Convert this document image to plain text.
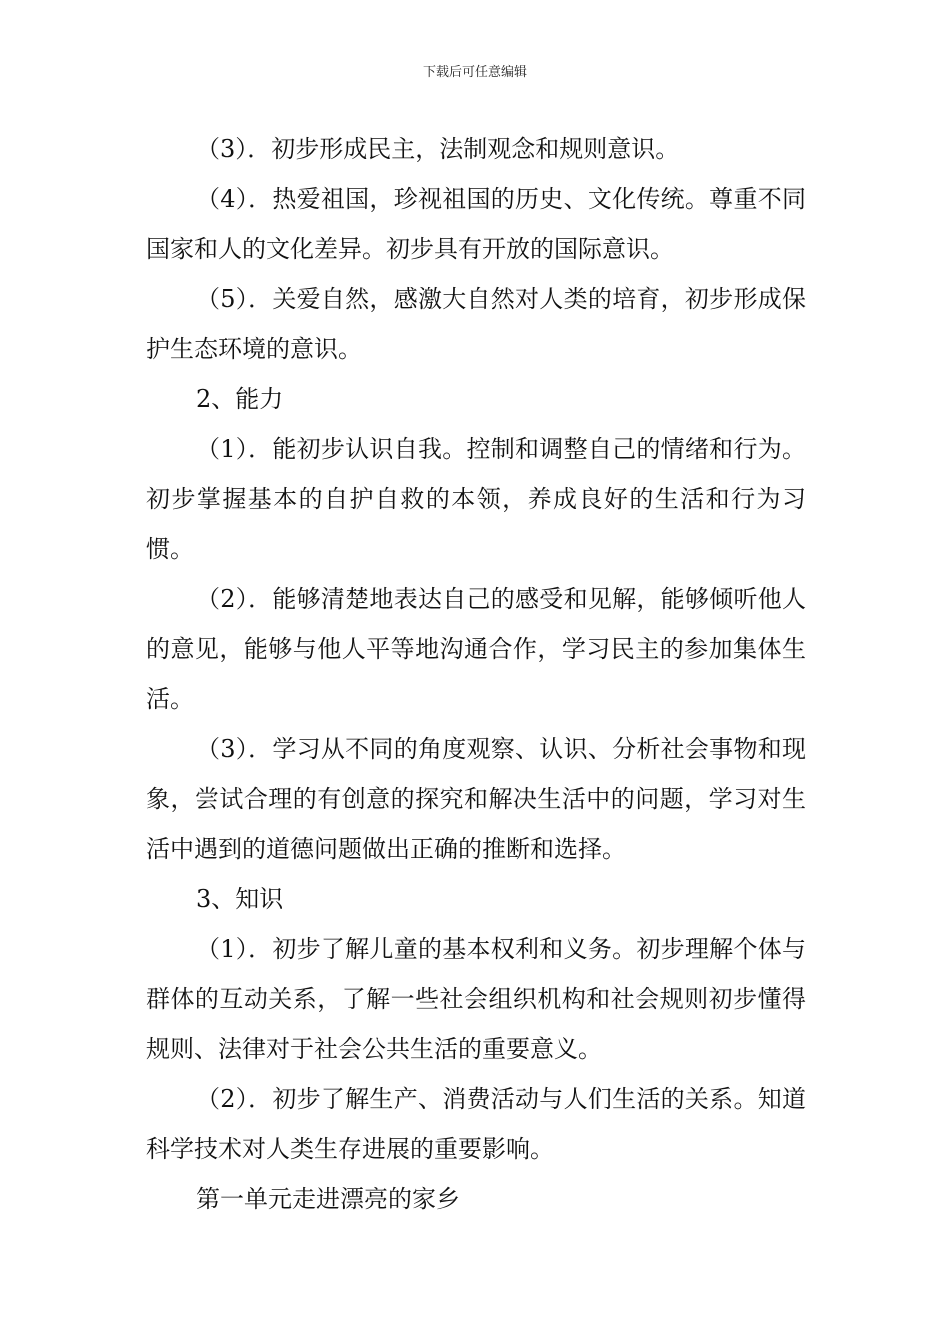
下载后可任意编辑

（3）．初步形成民主，法制观念和规则意识。

（4）．热爱祖国，珍视祖国的历史、文化传统。尊重不同国家和人的文化差异。初步具有开放的国际意识。

（5）．关爱自然，感激大自然对人类的培育，初步形成保护生态环境的意识。

2、能力

（1）．能初步认识自我。控制和调整自己的情绪和行为。初步掌握基本的自护自救的本领，养成良好的生活和行为习惯。

（2）．能够清楚地表达自己的感受和见解，能够倾听他人的意见，能够与他人平等地沟通合作，学习民主的参加集体生活。

（3）．学习从不同的角度观察、认识、分析社会事物和现象，尝试合理的有创意的探究和解决生活中的问题，学习对生活中遇到的道德问题做出正确的推断和选择。

3、知识

（1）．初步了解儿童的基本权利和义务。初步理解个体与群体的互动关系，了解一些社会组织机构和社会规则初步懂得规则、法律对于社会公共生活的重要意义。

（2）．初步了解生产、消费活动与人们生活的关系。知道科学技术对人类生存进展的重要影响。

第一单元走进漂亮的家乡
